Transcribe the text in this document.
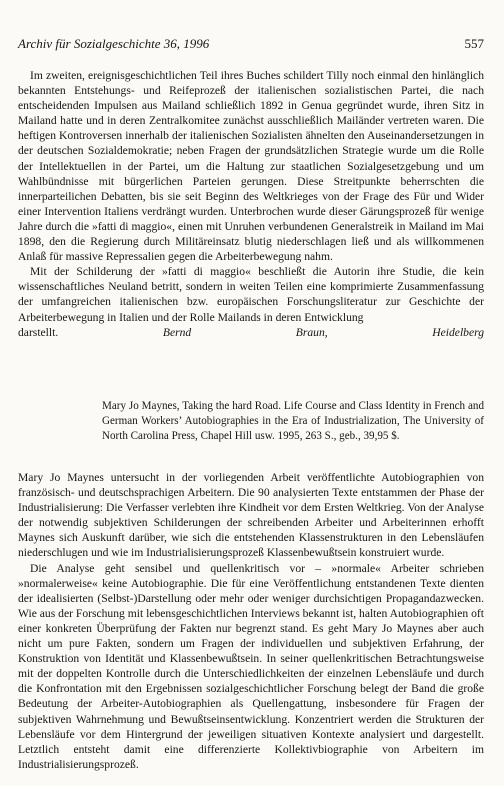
Archiv für Sozialgeschichte 36, 1996	557

Im zweiten, ereignisgeschichtlichen Teil ihres Buches schildert Tilly noch einmal den hinlänglich bekannten Entstehungs- und Reifeprozeß der italienischen sozialistischen Partei, die nach entscheidenden Impulsen aus Mailand schließlich 1892 in Genua gegründet wurde, ihren Sitz in Mailand hatte und in deren Zentralkomitee zunächst ausschließlich Mailänder vertreten waren. Die heftigen Kontroversen innerhalb der italienischen Sozialisten ähnelten den Auseinandersetzungen in der deutschen Sozialdemokratie; neben Fragen der grundsätzlichen Strategie wurde um die Rolle der Intellektuellen in der Partei, um die Haltung zur staatlichen Sozialgesetzgebung und um Wahlbündnisse mit bürgerlichen Parteien gerungen. Diese Streitpunkte beherrschten die innerparteilichen Debatten, bis sie seit Beginn des Weltkrieges von der Frage des Für und Wider einer Intervention Italiens verdrängt wurden. Unterbrochen wurde dieser Gärungsprozeß für wenige Jahre durch die »fatti di maggio«, einen mit Unruhen verbundenen Generalstreik in Mailand im Mai 1898, den die Regierung durch Militäreinsatz blutig niederschlagen ließ und als willkommenen Anlaß für massive Repressalien gegen die Arbeiterbewegung nahm.

Mit der Schilderung der »fatti di maggio« beschließt die Autorin ihre Studie, die kein wissenschaftliches Neuland betritt, sondern in weiten Teilen eine komprimierte Zusammenfassung der umfangreichen italienischen bzw. europäischen Forschungsliteratur zur Geschichte der Arbeiterbewegung in Italien und der Rolle Mailands in deren Entwicklung

darstellt.	Bernd Braun, Heidelberg
Mary Jo Maynes, Taking the hard Road. Life Course and Class Identity in French and German Workers’ Autobiographies in the Era of Industrialization, The University of North Carolina Press, Chapel Hill usw. 1995, 263 S., geb., 39,95 $.

Mary Jo Maynes untersucht in der vorliegenden Arbeit veröffentlichte Autobiographien von französisch- und deutschsprachigen Arbeitern. Die 90 analysierten Texte entstammen der Phase der Industrialisierung: Die Verfasser verlebten ihre Kindheit vor dem Ersten Weltkrieg. Von der Analyse der notwendig subjektiven Schilderungen der schreibenden Arbeiter und Arbeiterinnen erhofft Maynes sich Auskunft darüber, wie sich die entstehenden Klassenstrukturen in den Lebensläufen niederschlugen und wie im Industrialisierungsprozeß Klassenbewußtsein konstruiert wurde.

Die Analyse geht sensibel und quellenkritisch vor – »normale« Arbeiter schrieben »normalerweise« keine Autobiographie. Die für eine Veröffentlichung entstandenen Texte dienten der idealisierten (Selbst-)Darstellung oder mehr oder weniger durchsichtigen Propagandazwecken. Wie aus der Forschung mit lebensgeschichtlichen Interviews bekannt ist, halten Autobiographien oft einer konkreten Überprüfung der Fakten nur begrenzt stand. Es geht Mary Jo Maynes aber auch nicht um pure Fakten, sondern um Fragen der individuellen und subjektiven Erfahrung, der Konstruktion von Identität und Klassenbewußtsein. In seiner quellenkritischen Betrachtungsweise mit der doppelten Kontrolle durch die Unterschiedlichkeiten der einzelnen Lebensläufe und durch die Konfrontation mit den Ergebnissen sozialgeschichtlicher Forschung belegt der Band die große Bedeutung der Arbeiter-Autobiographien als Quellengattung, insbesondere für Fragen der subjektiven Wahrnehmung und Bewußtseinsentwicklung. Konzentriert werden die Strukturen der Lebensläufe vor dem Hintergrund der jeweiligen situativen Kontexte analysiert und dargestellt. Letztlich entsteht damit eine differenzierte Kollektivbiographie von Arbeitern im Industrialisierungsprozeß.
